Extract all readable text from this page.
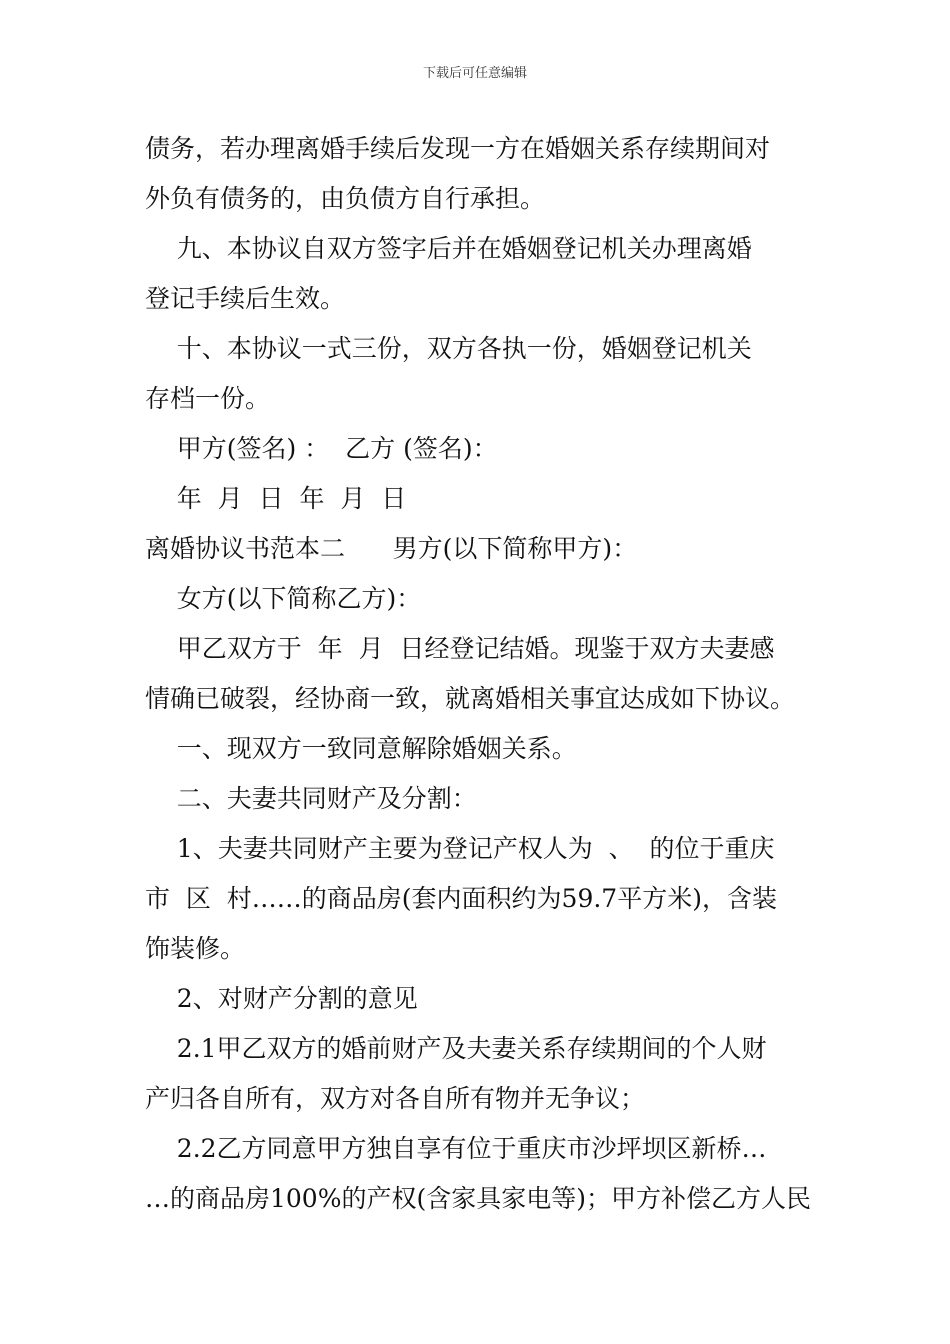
下载后可任意编辑
债务，若办理离婚手续后发现一方在婚姻关系存续期间对
外负有债务的，由负债方自行承担。
九、本协议自双方签字后并在婚姻登记机关办理离婚
登记手续后生效。
十、本协议一式三份，双方各执一份，婚姻登记机关
存档一份。
甲方(签名) ：  乙方 (签名)：
年  月  日  年  月  日
离婚协议书范本二      男方(以下简称甲方)：
女方(以下简称乙方)：
甲乙双方于  年  月  日经登记结婚。现鉴于双方夫妻感
情确已破裂，经协商一致，就离婚相关事宜达成如下协议。
一、现双方一致同意解除婚姻关系。
二、夫妻共同财产及分割：
1、夫妻共同财产主要为登记产权人为  、  的位于重庆
市  区  村……的商品房(套内面积约为59.7平方米)，含装
饰装修。
2、对财产分割的意见
2.1甲乙双方的婚前财产及夫妻关系存续期间的个人财
产归各自所有，双方对各自所有物并无争议；
2.2乙方同意甲方独自享有位于重庆市沙坪坝区新桥…
…的商品房100%的产权(含家具家电等)；甲方补偿乙方人民
